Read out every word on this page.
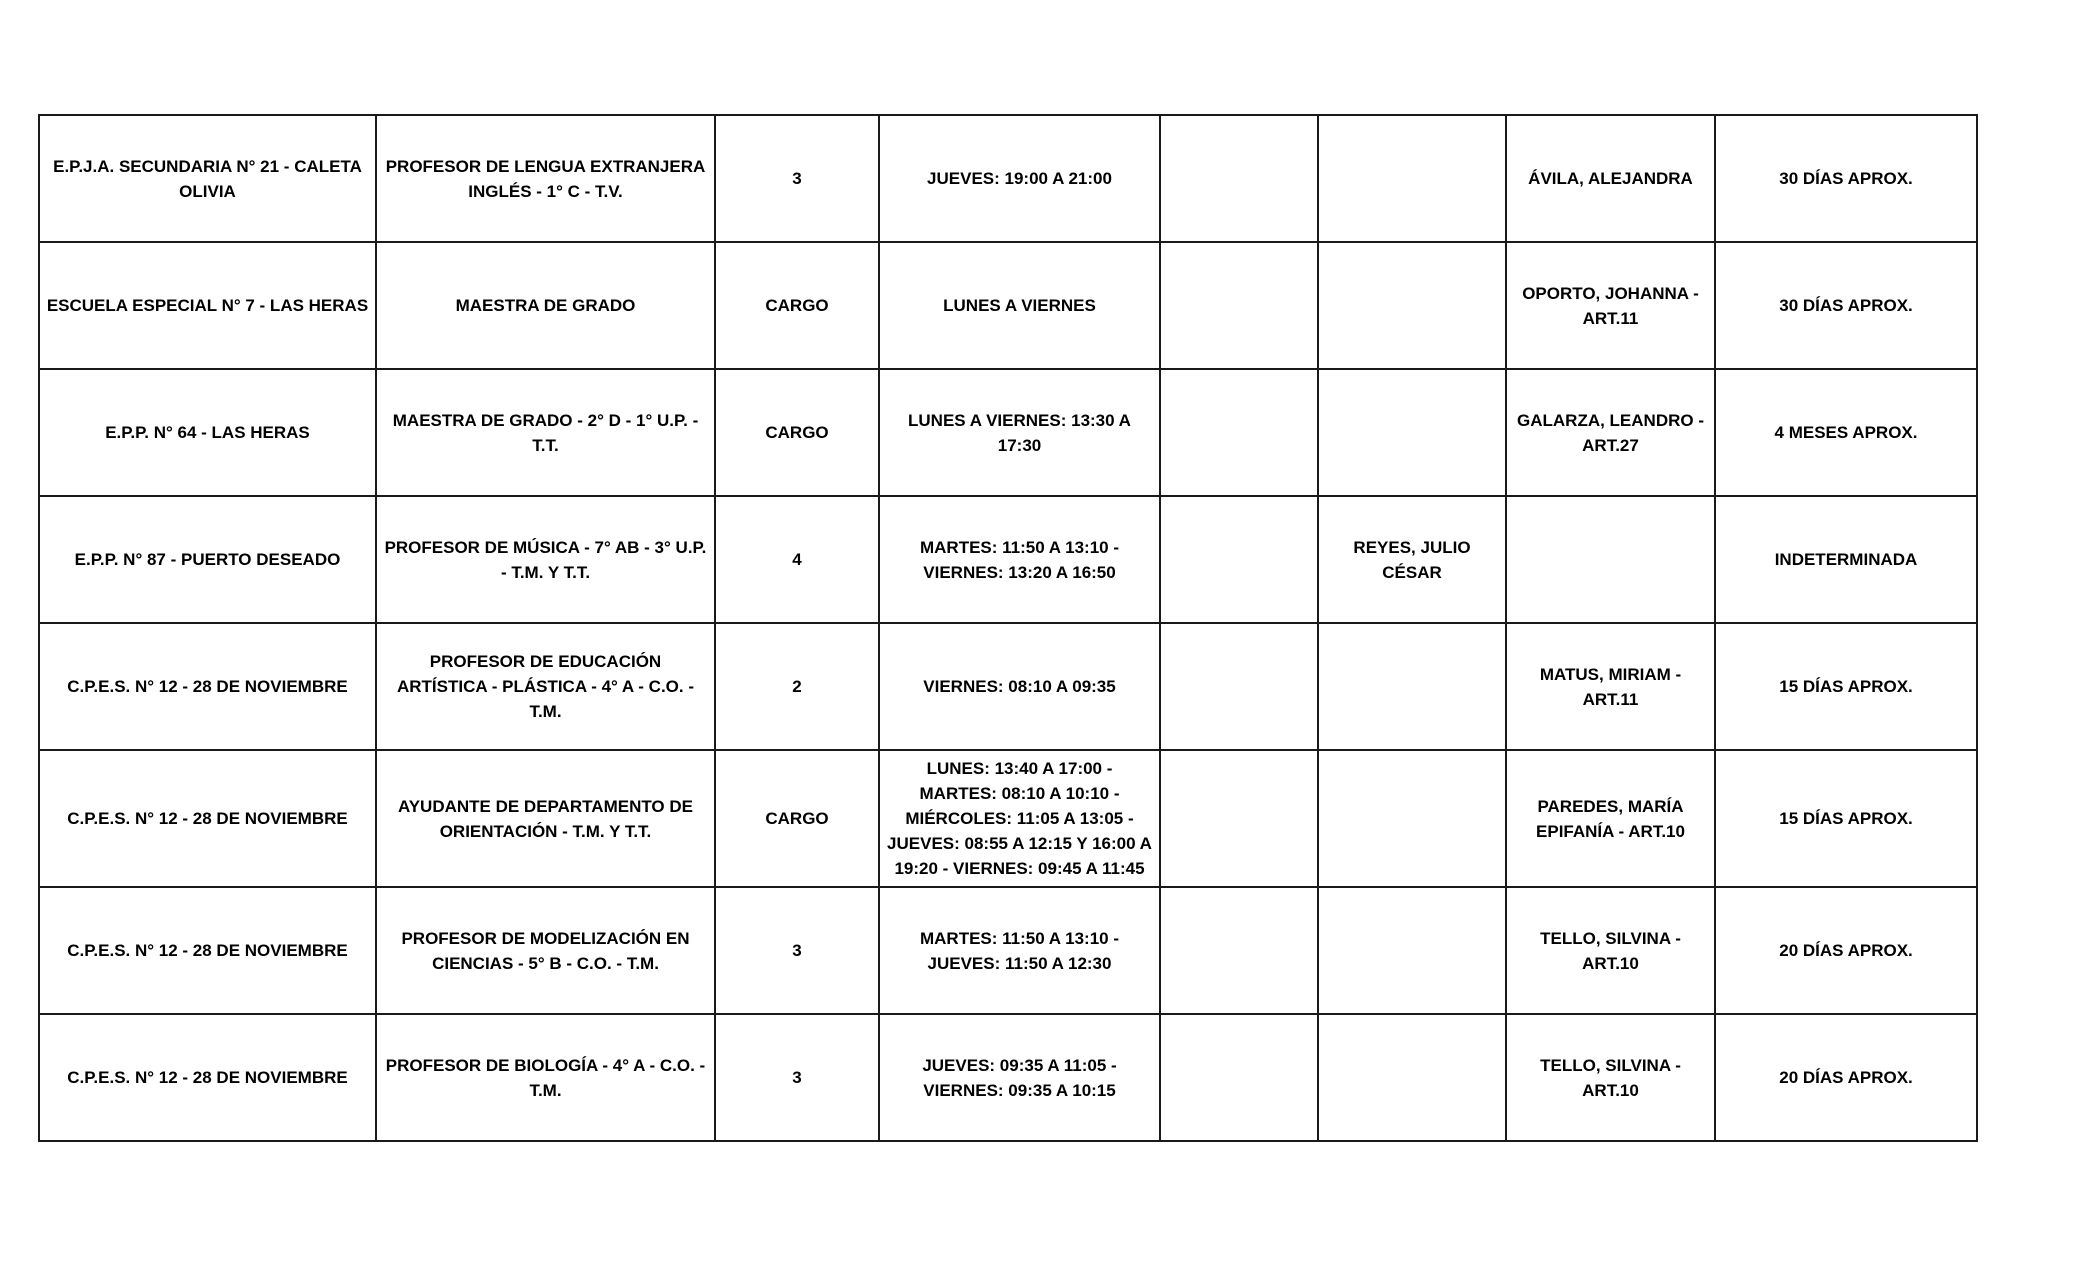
E.P.J.A. SECUNDARIA N° 21 - CALETA OLIVIA	PROFESOR DE LENGUA EXTRANJERA INGLÉS - 1° C - T.V.	3	JUEVES: 19:00 A 21:00			ÁVILA, ALEJANDRA	30 DÍAS APROX.
ESCUELA ESPECIAL N° 7 - LAS HERAS	MAESTRA DE GRADO	CARGO	LUNES A VIERNES			OPORTO, JOHANNA - ART.11	30 DÍAS APROX.
E.P.P. N° 64 - LAS HERAS	MAESTRA DE GRADO - 2° D - 1° U.P. - T.T.	CARGO	LUNES A VIERNES: 13:30 A 17:30			GALARZA, LEANDRO - ART.27	4 MESES APROX.
E.P.P. N° 87 - PUERTO DESEADO	PROFESOR DE MÚSICA - 7° AB - 3° U.P. - T.M. Y T.T.	4	MARTES: 11:50 A 13:10 - VIERNES: 13:20 A 16:50		REYES, JULIO CÉSAR		INDETERMINADA
C.P.E.S. N° 12 - 28 DE NOVIEMBRE	PROFESOR DE EDUCACIÓN ARTÍSTICA - PLÁSTICA - 4° A - C.O. - T.M.	2	VIERNES: 08:10 A 09:35			MATUS, MIRIAM - ART.11	15 DÍAS APROX.
C.P.E.S. N° 12 - 28 DE NOVIEMBRE	AYUDANTE DE DEPARTAMENTO DE ORIENTACIÓN - T.M. Y T.T.	CARGO	LUNES: 13:40 A 17:00 - MARTES: 08:10 A 10:10 - MIÉRCOLES: 11:05 A 13:05 - JUEVES: 08:55 A 12:15 Y 16:00 A 19:20 - VIERNES: 09:45 A 11:45			PAREDES, MARÍA EPIFANÍA - ART.10	15 DÍAS APROX.
C.P.E.S. N° 12 - 28 DE NOVIEMBRE	PROFESOR DE MODELIZACIÓN EN CIENCIAS - 5° B - C.O. - T.M.	3	MARTES: 11:50 A 13:10 - JUEVES: 11:50 A 12:30			TELLO, SILVINA - ART.10	20 DÍAS APROX.
C.P.E.S. N° 12 - 28 DE NOVIEMBRE	PROFESOR DE BIOLOGÍA - 4° A - C.O. - T.M.	3	JUEVES: 09:35 A 11:05 - VIERNES: 09:35 A 10:15			TELLO, SILVINA - ART.10	20 DÍAS APROX.
